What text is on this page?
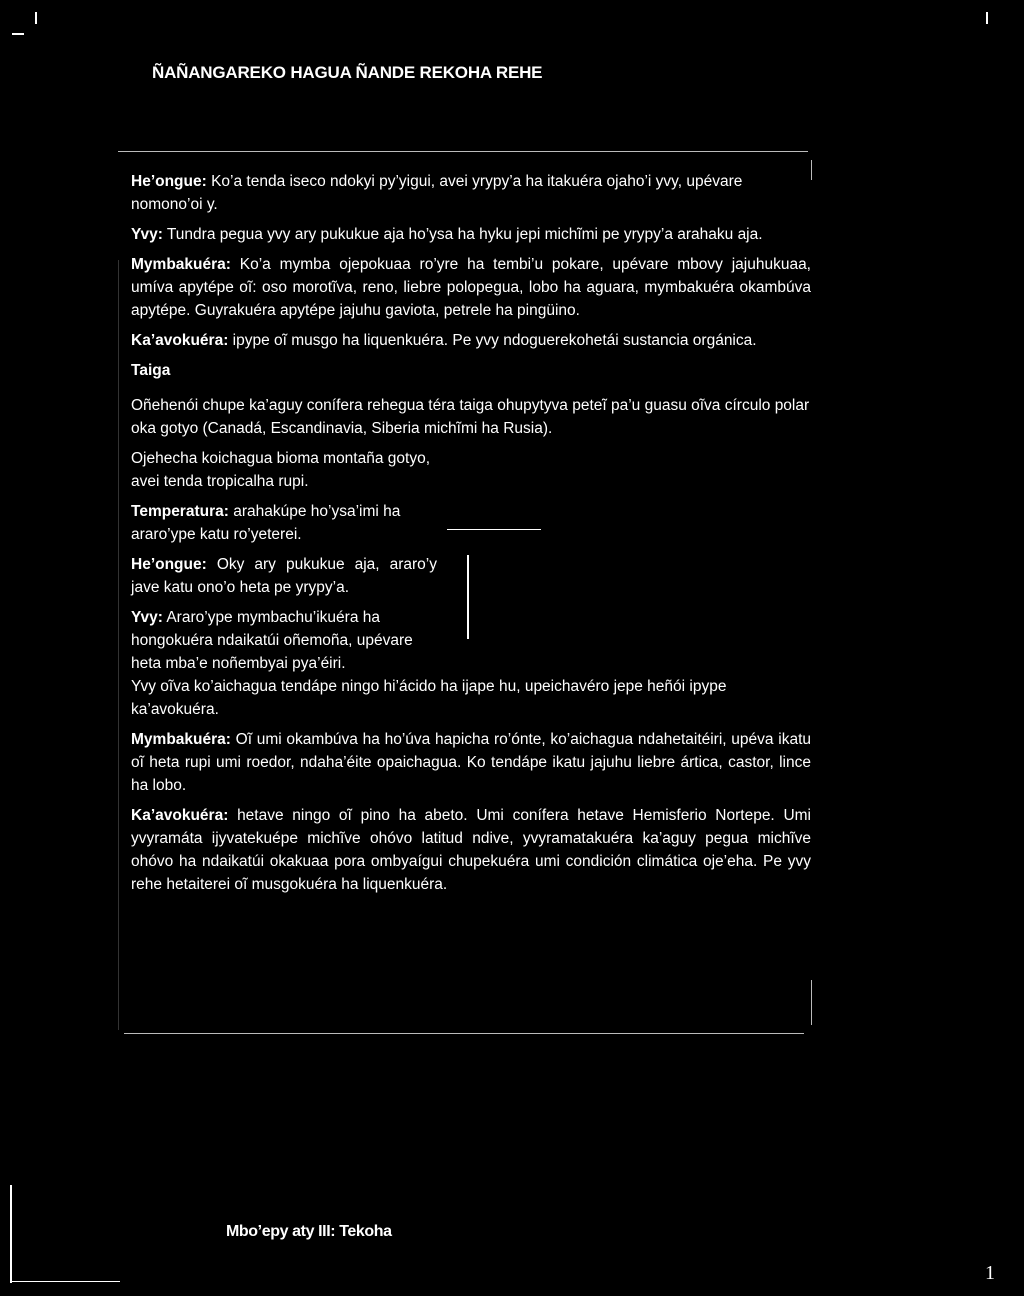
ÑAÑANGAREKO HAGUA ÑANDE REKOHA REHE

He’ongue: Ko’a tenda iseco ndokyi py’yigui, avei yrypy’a ha itakuéra ojaho’i yvy, upévare nomono’oi y.

Yvy: Tundra pegua yvy ary pukukue aja ho’ysa ha hyku jepi michĩmi pe yrypy’a arahaku aja.

Mymbakuéra: Ko’a mymba ojepokuaa ro’yre ha tembi’u pokare, upévare mbovy jajuhukuaa, umíva apytépe oĩ: oso morotĩva, reno, liebre polopegua, lobo ha aguara, mymbakuéra okambúva apytépe. Guyrakuéra apytépe jajuhu gaviota, petrele ha pingüino.

Ka’avokuéra: ipype oĩ musgo ha liquenkuéra. Pe yvy ndoguerekohetái sustancia orgánica.

Taiga

Oñehenói chupe ka’aguy conífera rehegua téra taiga ohupytyva peteĩ pa’u guasu oĩva círculo polar oka gotyo (Canadá, Escandinavia, Siberia michĩmi ha Rusia).

Ojehecha koichagua bioma montaña gotyo, avei tenda tropicalha rupi.

Temperatura: arahakúpe ho’ysa’imi ha araro’ype katu ro’yeterei.

He’ongue: Oky ary pukukue aja, araro’y jave katu ono’o heta pe yrypy’a.

Yvy: Araro’ype mymbachu’ikuéra ha hongokuéra ndaikatúi oñemoña, upévare heta mba’e noñembyai pya’éiri.

Yvy oĩva ko’aichagua tendápe ningo hi’ácido ha ijape hu, upeichavéro jepe heñói ipype ka’avokuéra.

Mymbakuéra: Oĩ umi okambúva ha ho’úva hapicha ro’ónte, ko’aichagua ndahetaitéiri, upéva ikatu oĩ heta rupi umi roedor, ndaha’éite opaichagua. Ko tendápe ikatu jajuhu liebre ártica, castor, lince ha lobo.

Ka’avokuéra: hetave ningo oĩ pino ha abeto. Umi conífera hetave Hemisferio Nortepe. Umi yvyramáta ijyvatekuépe michĩve ohóvo latitud ndive, yvyramatakuéra ka’aguy pegua michĩve ohóvo ha ndaikatúi okakuaa pora ombyaígui chupekuéra umi condición climática oje’eha. Pe yvy rehe hetaiterei oĩ musgokuéra ha liquenkuéra.

Mbo’epy aty III: Tekoha
1
